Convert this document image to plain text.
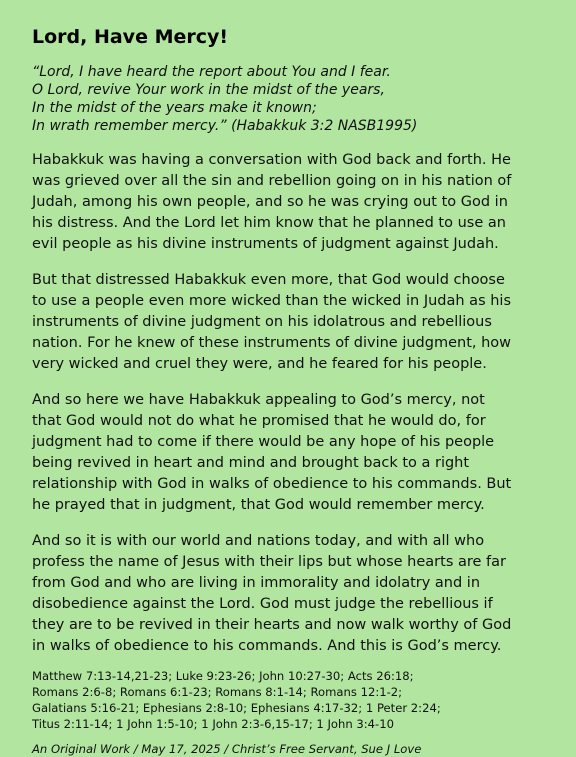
Lord, Have Mercy!
“Lord, I have heard the report about You and I fear.
O Lord, revive Your work in the midst of the years,
In the midst of the years make it known;
In wrath remember mercy.” (Habakkuk 3:2 NASB1995)
Habakkuk was having a conversation with God back and forth. He
was grieved over all the sin and rebellion going on in his nation of
Judah, among his own people, and so he was crying out to God in
his distress. And the Lord let him know that he planned to use an
evil people as his divine instruments of judgment against Judah.
But that distressed Habakkuk even more, that God would choose
to use a people even more wicked than the wicked in Judah as his
instruments of divine judgment on his idolatrous and rebellious
nation. For he knew of these instruments of divine judgment, how
very wicked and cruel they were, and he feared for his people.
And so here we have Habakkuk appealing to God’s mercy, not
that God would not do what he promised that he would do, for
judgment had to come if there would be any hope of his people
being revived in heart and mind and brought back to a right
relationship with God in walks of obedience to his commands. But
he prayed that in judgment, that God would remember mercy.
And so it is with our world and nations today, and with all who
profess the name of Jesus with their lips but whose hearts are far
from God and who are living in immorality and idolatry and in
disobedience against the Lord. God must judge the rebellious if
they are to be revived in their hearts and now walk worthy of God
in walks of obedience to his commands. And this is God’s mercy.
Matthew 7:13-14,21-23; Luke 9:23-26; John 10:27-30; Acts 26:18;
Romans 2:6-8; Romans 6:1-23; Romans 8:1-14; Romans 12:1-2;
Galatians 5:16-21; Ephesians 2:8-10; Ephesians 4:17-32; 1 Peter 2:24;
Titus 2:11-14; 1 John 1:5-10; 1 John 2:3-6,15-17; 1 John 3:4-10
An Original Work / May 17, 2025 / Christ’s Free Servant, Sue J Love
